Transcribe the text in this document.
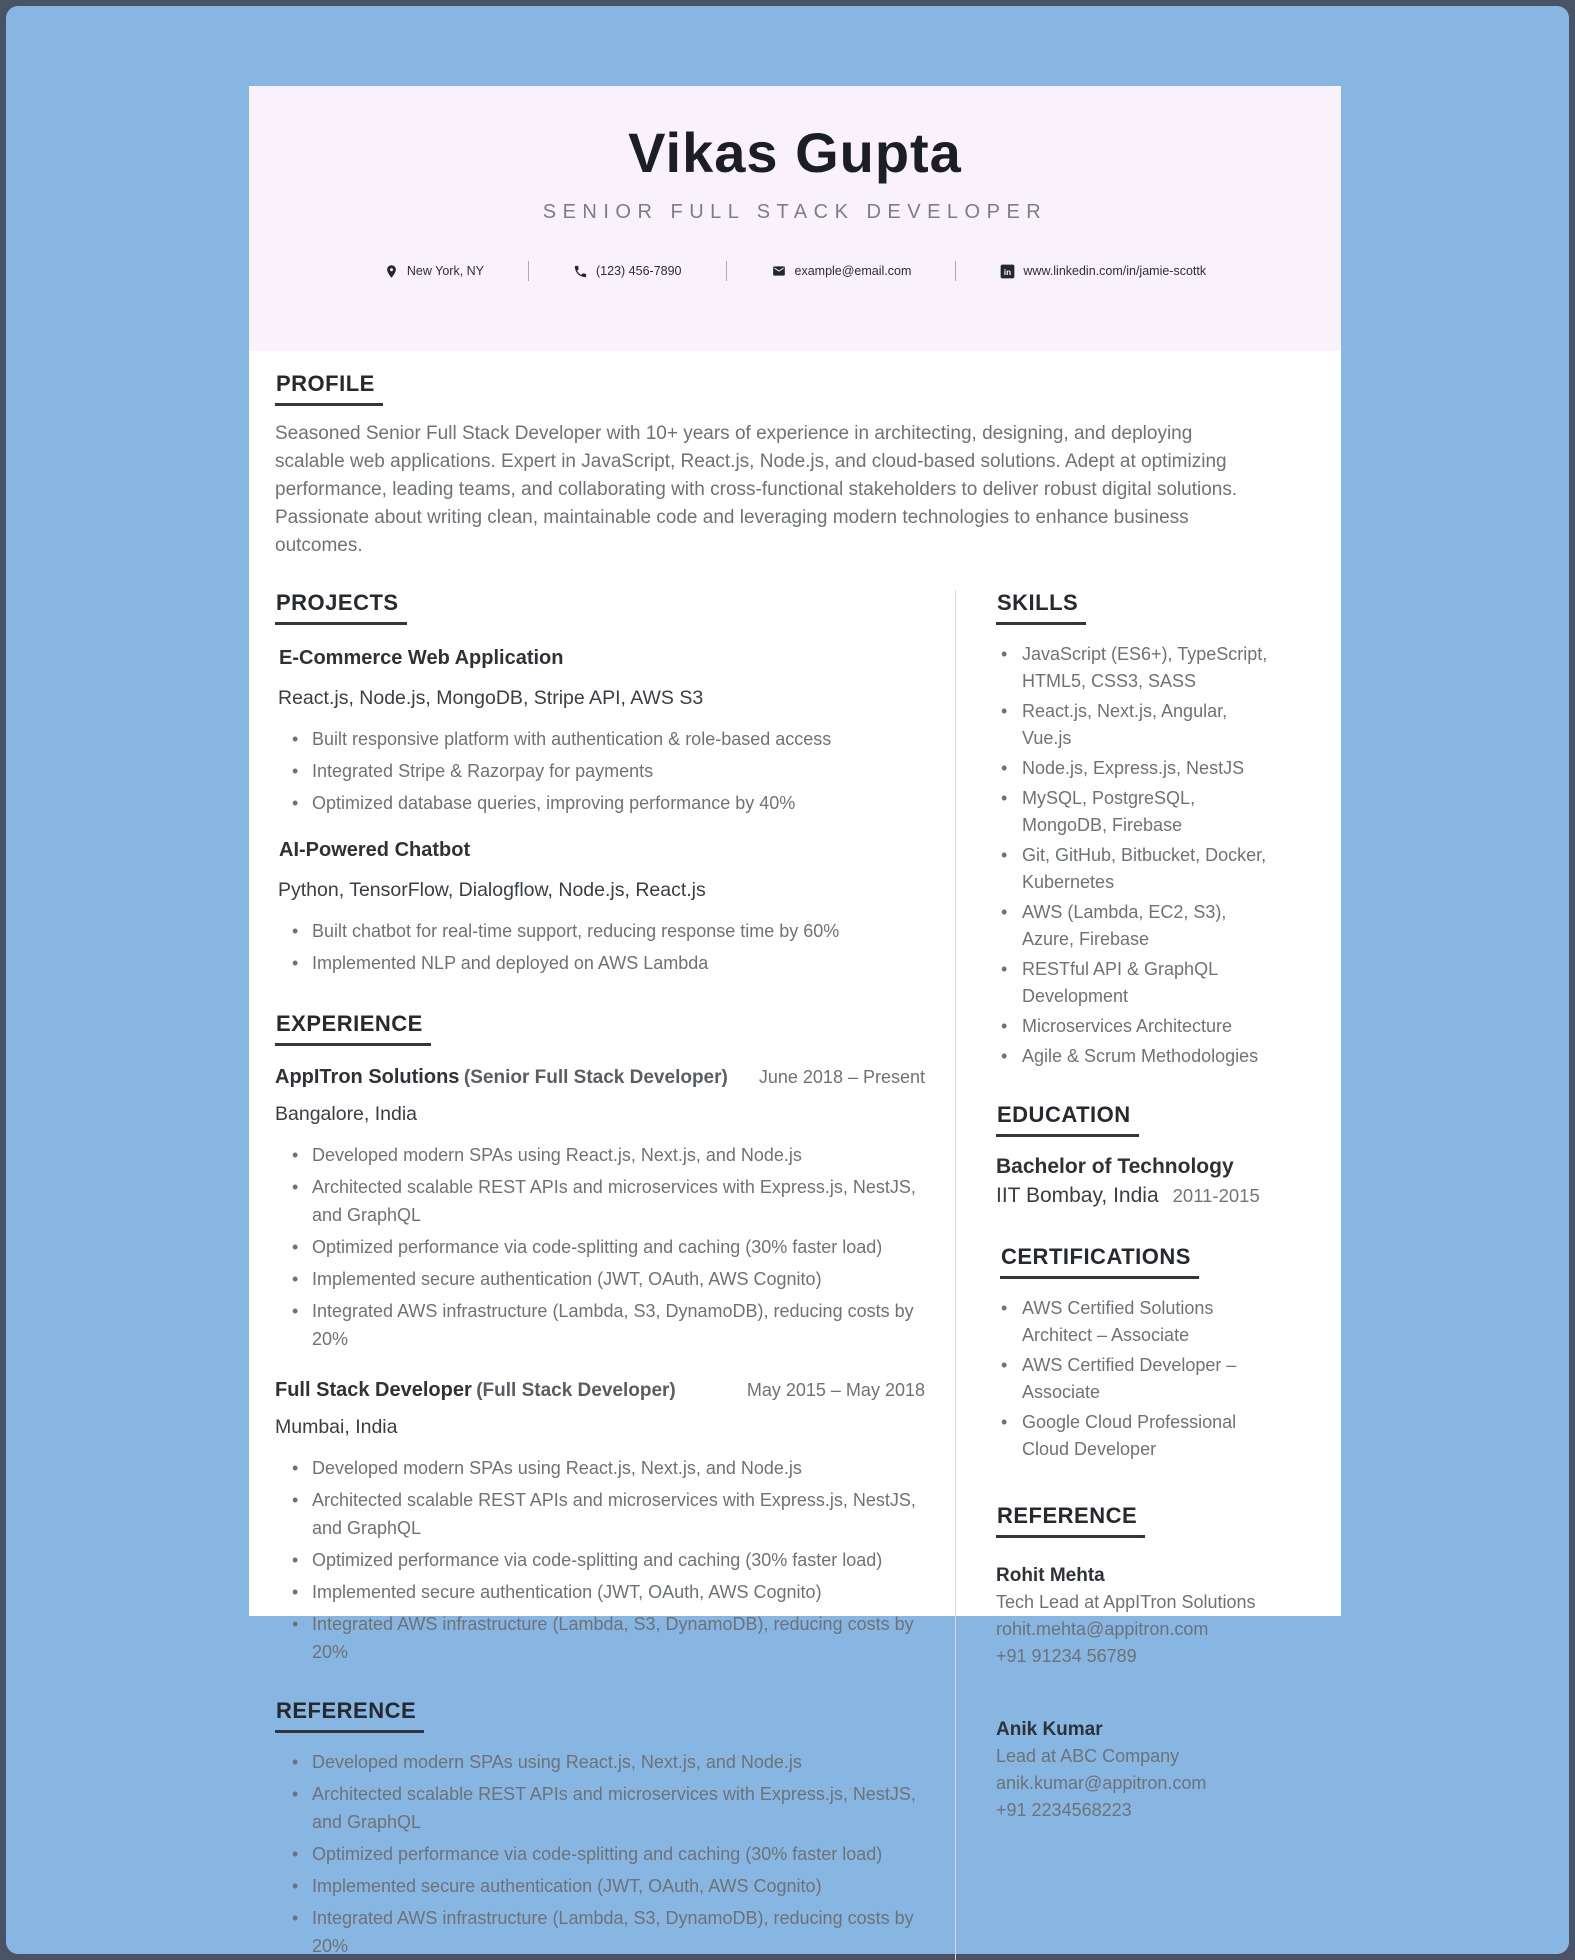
Vikas Gupta
SENIOR FULL STACK DEVELOPER
New York, NY	(123) 456-7890	example@email.com	in www.linkedin.com/in/jamie-scottk
PROFILE

Seasoned Senior Full Stack Developer with 10+ years of experience in architecting, designing, and deploying scalable web applications. Expert in JavaScript, React.js, Node.js, and cloud-based solutions. Adept at optimizing performance, leading teams, and collaborating with cross-functional stakeholders to deliver robust digital solutions. Passionate about writing clean, maintainable code and leveraging modern technologies to enhance business outcomes.

PROJECTS
E-Commerce Web Application
React.js, Node.js, MongoDB, Stripe API, AWS S3
• Built responsive platform with authentication & role-based access
• Integrated Stripe & Razorpay for payments
• Optimized database queries, improving performance by 40%
AI-Powered Chatbot
Python, TensorFlow, Dialogflow, Node.js, React.js
• Built chatbot for real-time support, reducing response time by 60%
• Implemented NLP and deployed on AWS Lambda
EXPERIENCE
AppITron Solutions (Senior Full Stack Developer) June 2018 – Present
Bangalore, India
• Developed modern SPAs using React.js, Next.js, and Node.js
• Architected scalable REST APIs and microservices with Express.js, NestJS, and GraphQL
• Optimized performance via code-splitting and caching (30% faster load)
• Implemented secure authentication (JWT, OAuth, AWS Cognito)
• Integrated AWS infrastructure (Lambda, S3, DynamoDB), reducing costs by 20%
Full Stack Developer (Full Stack Developer)	May 2015 – May 2018
Mumbai, India
• Developed modern SPAs using React.js, Next.js, and Node.js
• Architected scalable REST APIs and microservices with Express.js, NestJS, and GraphQL
• Optimized performance via code-splitting and caching (30% faster load)
• Implemented secure authentication (JWT, OAuth, AWS Cognito)
• Integrated AWS infrastructure (Lambda, S3, DynamoDB), reducing costs by 20%
REFERENCE
• Developed modern SPAs using React.js, Next.js, and Node.js
• Architected scalable REST APIs and microservices with Express.js, NestJS, and GraphQL
• Optimized performance via code-splitting and caching (30% faster load)
• Implemented secure authentication (JWT, OAuth, AWS Cognito)
• Integrated AWS infrastructure (Lambda, S3, DynamoDB), reducing costs by 20%
SKILLS
• JavaScript (ES6+), TypeScript, HTML5, CSS3, SASS
• React.js, Next.js, Angular, Vue.js
• Node.js, Express.js, NestJS
• MySQL, PostgreSQL, MongoDB, Firebase
• Git, GitHub, Bitbucket, Docker, Kubernetes
• AWS (Lambda, EC2, S3), Azure, Firebase
• RESTful API & GraphQL Development
• Microservices Architecture
• Agile & Scrum Methodologies
EDUCATION
Bachelor of Technology
IIT Bombay, India 2011-2015
CERTIFICATIONS
• AWS Certified Solutions Architect – Associate
• AWS Certified Developer – Associate
• Google Cloud Professional Cloud Developer
REFERENCE
Rohit Mehta
Tech Lead at AppITron Solutions
rohit.mehta@appitron.com
+91 91234 56789
Anik Kumar
Lead at ABC Company
anik.kumar@appitron.com
+91 2234568223
